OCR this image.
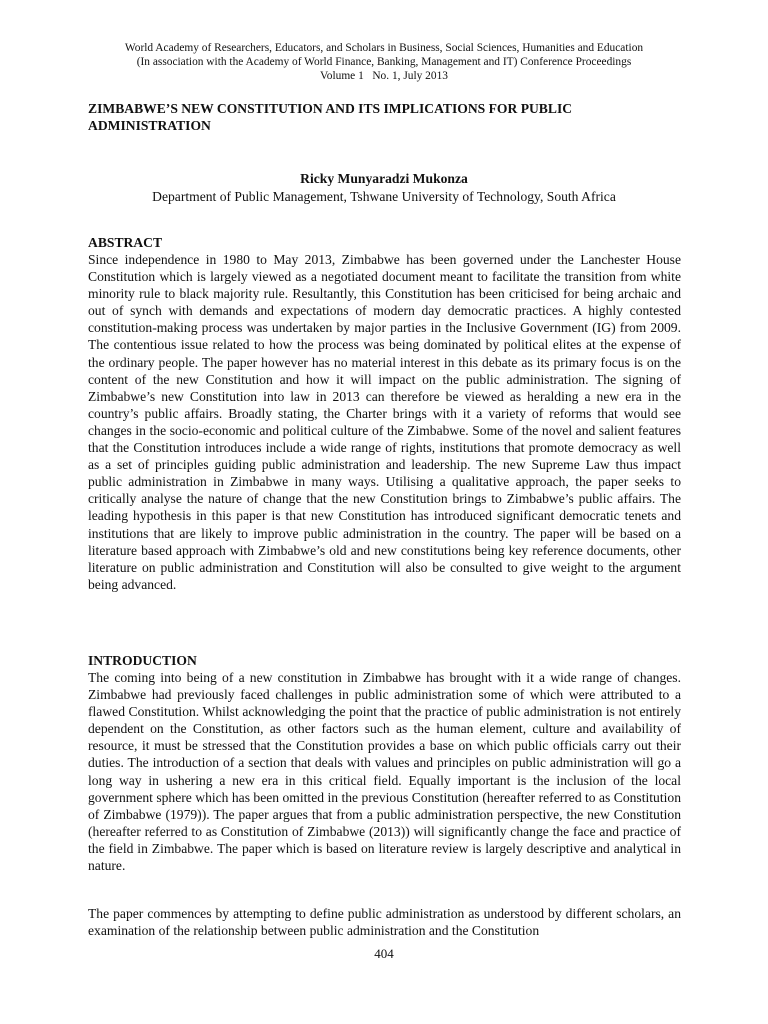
World Academy of Researchers, Educators, and Scholars in Business, Social Sciences, Humanities and Education
(In association with the Academy of World Finance, Banking, Management and IT) Conference Proceedings
Volume 1   No. 1, July 2013
ZIMBABWE’S NEW CONSTITUTION AND ITS IMPLICATIONS FOR PUBLIC ADMINISTRATION
Ricky Munyaradzi Mukonza
Department of Public Management, Tshwane University of Technology, South Africa
ABSTRACT
Since independence in 1980 to May 2013, Zimbabwe has been governed under the Lanchester House Constitution which is largely viewed as a negotiated document meant to facilitate the transition from white minority rule to black majority rule. Resultantly, this Constitution has been criticised for being archaic and out of synch with demands and expectations of modern day democratic practices. A highly contested constitution-making process was undertaken by major parties in the Inclusive Government (IG) from 2009. The contentious issue related to how the process was being dominated by political elites at the expense of the ordinary people. The paper however has no material interest in this debate as its primary focus is on the content of the new Constitution and how it will impact on the public administration. The signing of Zimbabwe’s new Constitution into law in 2013 can therefore be viewed as heralding a new era in the country’s public affairs. Broadly stating, the Charter brings with it a variety of reforms that would see changes in the socio-economic and political culture of the Zimbabwe. Some of the novel and salient features that the Constitution introduces include a wide range of rights, institutions that promote democracy as well as a set of principles guiding public administration and leadership. The new Supreme Law thus impact public administration in Zimbabwe in many ways. Utilising a qualitative approach, the paper seeks to critically analyse the nature of change that the new Constitution brings to Zimbabwe’s public affairs. The leading hypothesis in this paper is that new Constitution has introduced significant democratic tenets and institutions that are likely to improve public administration in the country. The paper will be based on a literature based approach with Zimbabwe’s old and new constitutions being key reference documents, other literature on public administration and Constitution will also be consulted to give weight to the argument being advanced.
INTRODUCTION
The coming into being of a new constitution in Zimbabwe has brought with it a wide range of changes. Zimbabwe had previously faced challenges in public administration some of which were attributed to a flawed Constitution. Whilst acknowledging the point that the practice of public administration is not entirely dependent on the Constitution, as other factors such as the human element, culture and availability of resource, it must be stressed that the Constitution provides a base on which public officials carry out their duties. The introduction of a section that deals with values and principles on public administration will go a long way in ushering a new era in this critical field. Equally important is the inclusion of the local government sphere which has been omitted in the previous Constitution (hereafter referred to as Constitution of Zimbabwe (1979)). The paper argues that from a public administration perspective, the new Constitution (hereafter referred to as Constitution of Zimbabwe (2013)) will significantly change the face and practice of the field in Zimbabwe. The paper which is based on literature review is largely descriptive and analytical in nature.
The paper commences by attempting to define public administration as understood by different scholars, an examination of the relationship between public administration and the Constitution
404
